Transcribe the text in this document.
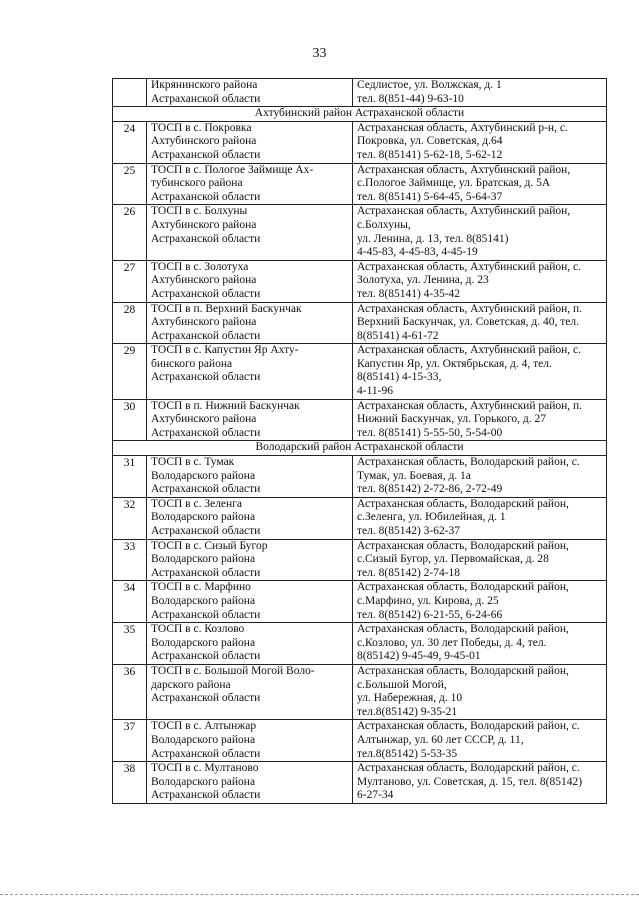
33
	Икрянинского района
Астраханской области	Седлистое, ул. Волжская, д. 1
тел. 8(851-44) 9-63-10
Ахтубинский район Астраханской области		
24	ТОСП в с. Покровка
Ахтубинского района
Астраханской области	Астраханская область, Ахтубинский р-н, с.
Покровка, ул. Советская, д.64
тел. 8(85141) 5-62-18, 5-62-12
25	ТОСП в с. Пологое Займище Ах-
тубинского района
Астраханской области	Астраханская область, Ахтубинский район,
с.Пологое Займище, ул. Братская, д. 5А
тел. 8(85141) 5-64-45, 5-64-37
26	ТОСП в с. Болхуны
Ахтубинского района
Астраханской области	Астраханская область, Ахтубинский район,
с.Болхуны,
ул. Ленина, д. 13, тел. 8(85141)
4-45-83, 4-45-83, 4-45-19
27	ТОСП в с. Золотуха
Ахтубинского района
Астраханской области	Астраханская область, Ахтубинский район, с.
Золотуха, ул. Ленина, д. 23
тел. 8(85141) 4-35-42
28	ТОСП в п. Верхний Баскунчак
Ахтубинского района
Астраханской области	Астраханская область, Ахтубинский район, п.
Верхний Баскунчак, ул. Советская, д. 40, тел.
8(85141) 4-61-72
29	ТОСП в с. Капустин Яр Ахту-
бинского района
Астраханской области	Астраханская область, Ахтубинский район, с.
Капустин Яр, ул. Октябрьская, д. 4, тел.
8(85141) 4-15-33,
4-11-96
30	ТОСП в п. Нижний Баскунчак
Ахтубинского района
Астраханской области	Астраханская область, Ахтубинский район, п.
Нижний Баскунчак, ул. Горького, д. 27
тел. 8(85141) 5-55-50, 5-54-00
Володарский район Астраханской области		
31	ТОСП в с. Тумак
Володарского района
Астраханской области	Астраханская область, Володарский район, с.
Тумак, ул. Боевая, д. 1а
тел. 8(85142) 2-72-86, 2-72-49
32	ТОСП в с. Зеленга
Володарского района
Астраханской области	Астраханская область, Володарский район,
с.Зеленга, ул. Юбилейная, д. 1
тел. 8(85142) 3-62-37
33	ТОСП в с. Сизый Бугор
Володарского района
Астраханской области	Астраханская область, Володарский район,
с.Сизый Бугор, ул. Первомайская, д. 28
тел. 8(85142) 2-74-18
34	ТОСП в с. Марфино
Володарского района
Астраханской области	Астраханская область, Володарский район,
с.Марфино, ул. Кирова, д. 25
тел. 8(85142) 6-21-55, 6-24-66
35	ТОСП в с. Козлово
Володарского района
Астраханской области	Астраханская область, Володарский район,
с.Козлово, ул. 30 лет Победы, д. 4, тел.
8(85142) 9-45-49, 9-45-01
36	ТОСП в с. Большой Могой Воло-
дарского района
Астраханской области	Астраханская область, Володарский район,
с.Большой Могой,
ул. Набережная, д. 10
тел.8(85142) 9-35-21
37	ТОСП в с. Алтынжар
Володарского района
Астраханской области	Астраханская область, Володарский район, с.
Алтынжар, ул. 60 лет СССР, д. 11,
тел.8(85142) 5-53-35
38	ТОСП в с. Мултаново
Володарского района
Астраханской области	Астраханская область, Володарский район, с.
Мултаново, ул. Советская, д. 15, тел. 8(85142)
6-27-34
